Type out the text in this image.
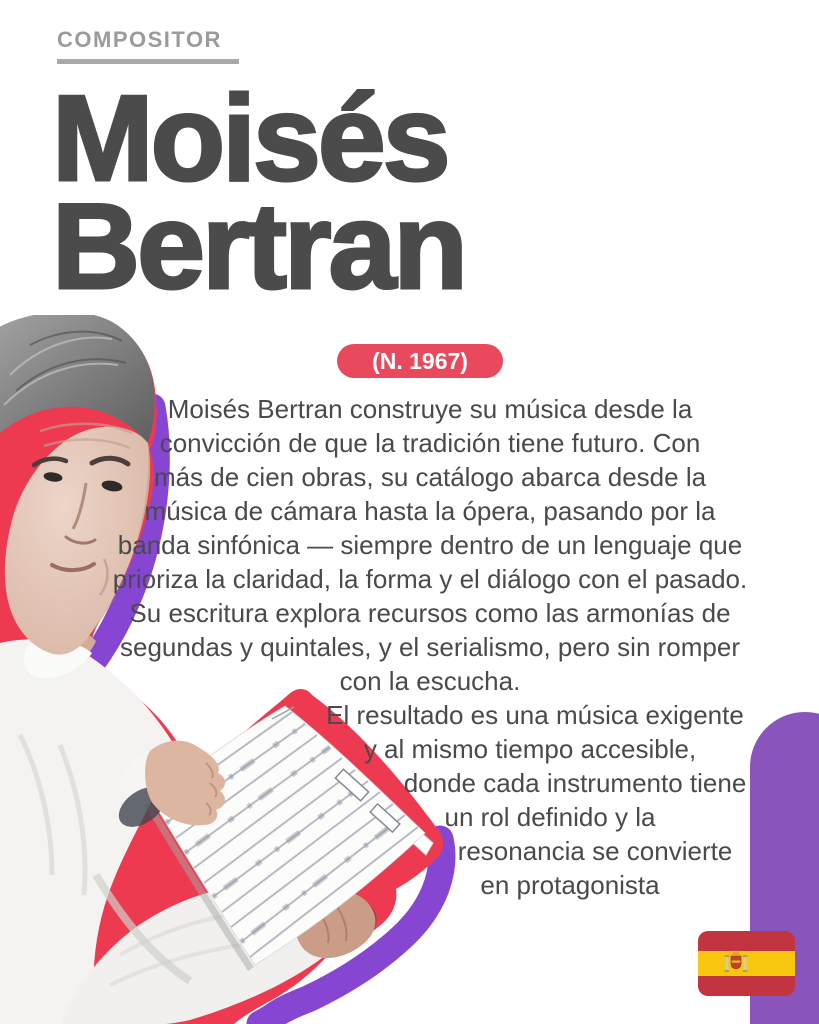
COMPOSITOR
Moisés
Bertran
(N. 1967)
Moisés Bertran construye su música desde la
convicción de que la tradición tiene futuro. Con
más de cien obras, su catálogo abarca desde la
música de cámara hasta la ópera, pasando por la
banda sinfónica — siempre dentro de un lenguaje que
prioriza la claridad, la forma y el diálogo con el pasado.
Su escritura explora recursos como las armonías de
segundas y quintales, y el serialismo, pero sin romper
con la escucha.
El resultado es una música exigente
y al mismo tiempo accesible,
donde cada instrumento tiene
un rol definido y la
resonancia se convierte
en protagonista
